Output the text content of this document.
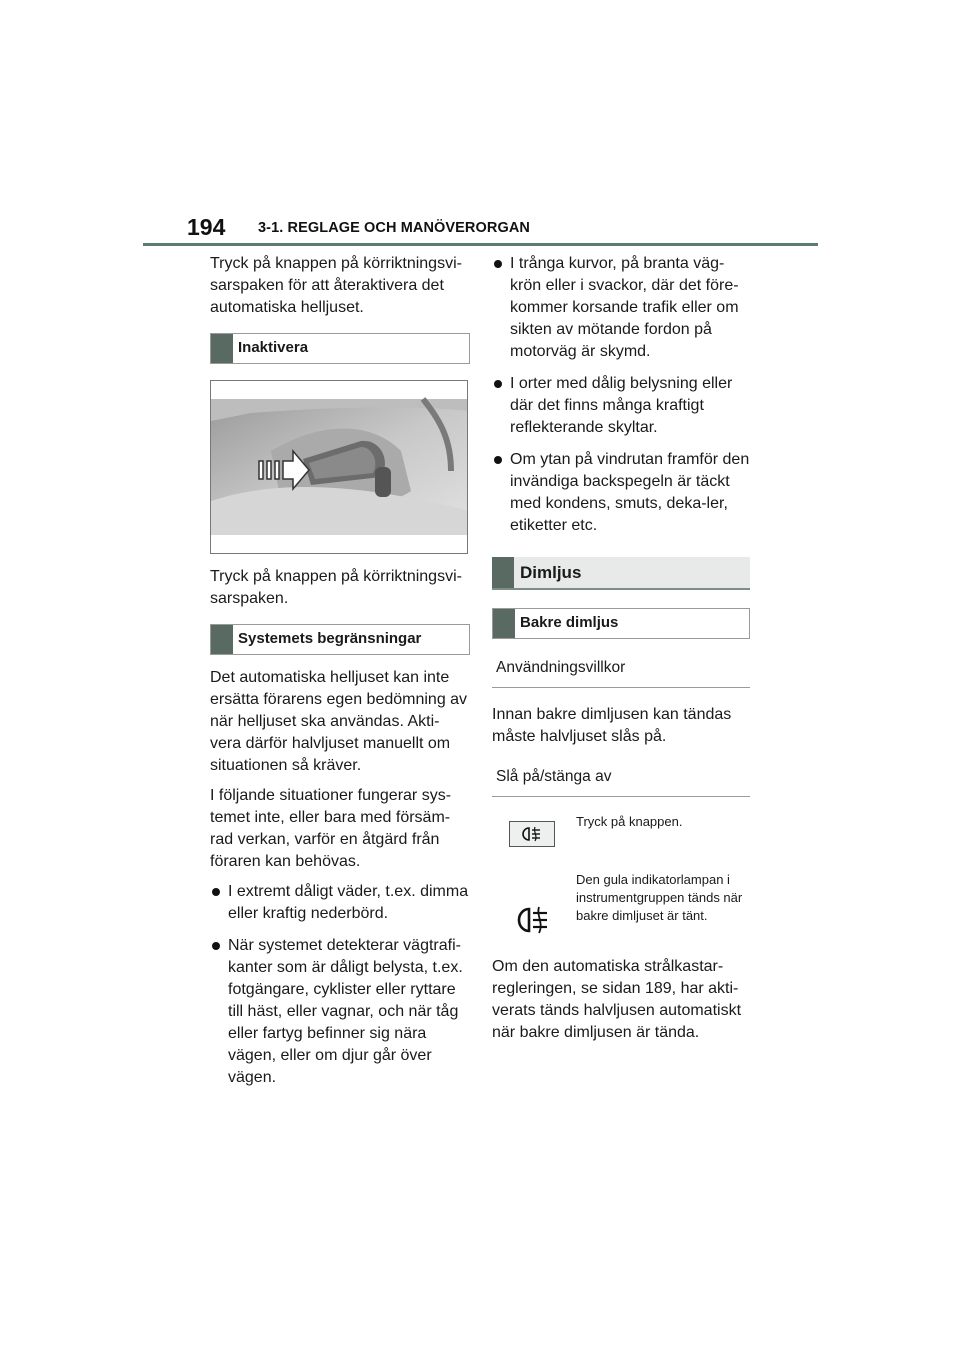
194 3-1. REGLAGE OCH MANÖVERORGAN

Tryck på knappen på körriktningsvi-sarspaken för att återaktivera det automatiska helljuset.

Inaktivera

Tryck på knappen på körriktningsvi-sarspaken.

Systemets begränsningar

Det automatiska helljuset kan inte ersätta förarens egen bedömning av när helljuset ska användas. Akti-vera därför halvljuset manuellt om situationen så kräver.

I följande situationer fungerar sys-temet inte, eller bara med försäm-rad verkan, varför en åtgärd från föraren kan behövas.

I extremt dåligt väder, t.ex. dimma eller kraftig nederbörd.
När systemet detekterar vägtrafi-kanter som är dåligt belysta, t.ex. fotgängare, cyklister eller ryttare till häst, eller vagnar, och när tåg eller fartyg befinner sig nära vägen, eller om djur går över vägen.
I trånga kurvor, på branta väg-krön eller i svackor, där det före-kommer korsande trafik eller om sikten av mötande fordon på motorväg är skymd.
I orter med dålig belysning eller där det finns många kraftigt reflekterande skyltar.
Om ytan på vindrutan framför den invändiga backspegeln är täckt med kondens, smuts, deka-ler, etiketter etc.
Dimljus
Bakre dimljus
Användningsvillkor

Innan bakre dimljusen kan tändas måste halvljuset slås på.

Slå på/stänga av
Tryck på knappen.
Den gula indikatorlampan i instrumentgruppen tänds när bakre dimljuset är tänt.

Om den automatiska strålkastar-regleringen, se sidan 189, har akti-verats tänds halvljusen automatiskt när bakre dimljusen är tända.
